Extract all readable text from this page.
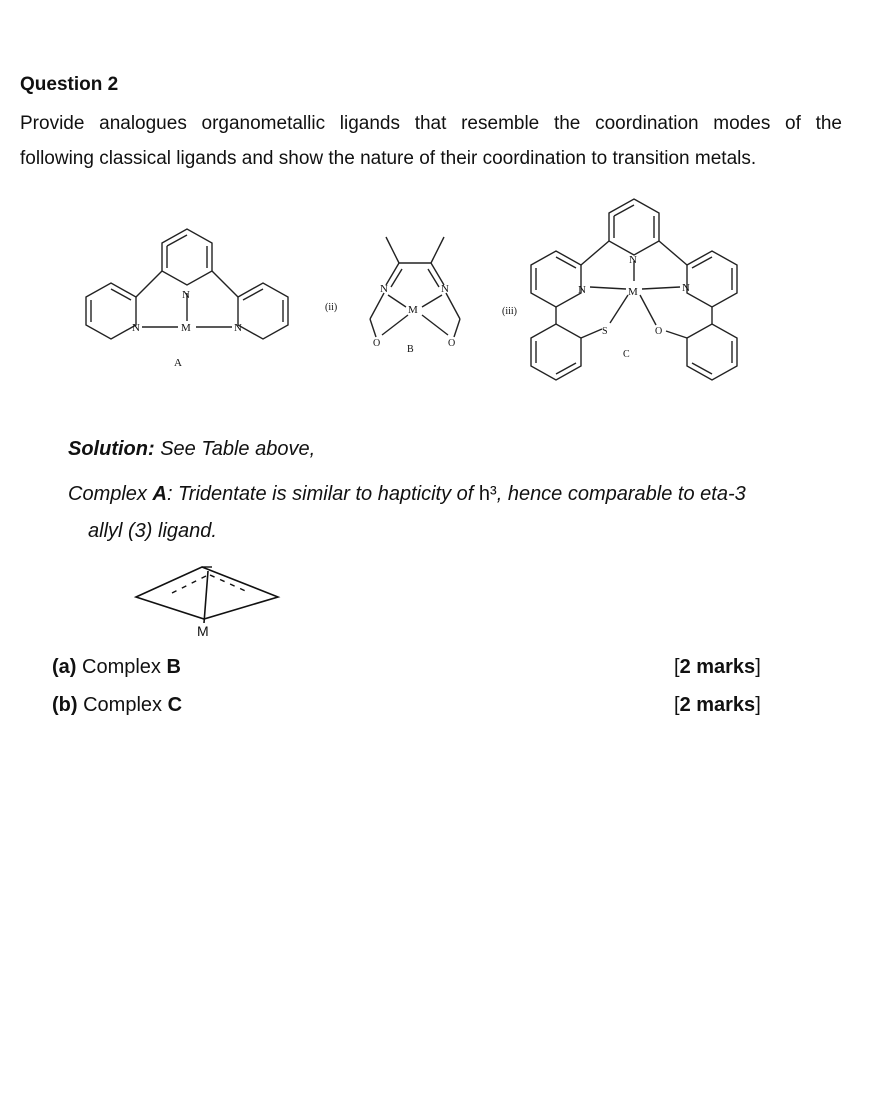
Question 2
Provide analogues organometallic ligands that resemble the coordination modes of the
following classical ligands and show the nature of their coordination to transition metals.
N
N	M	N
A
(ii)
N	N
M
O	O
B
(iii)
N
N	M	N
S	O
C
Solution: See Table above,
Complex A: Tridentate is similar to hapticity of h³, hence comparable to eta-3
allyl (3) ligand.
M
(a) Complex B	[2 marks]
(b) Complex C	[2 marks]
